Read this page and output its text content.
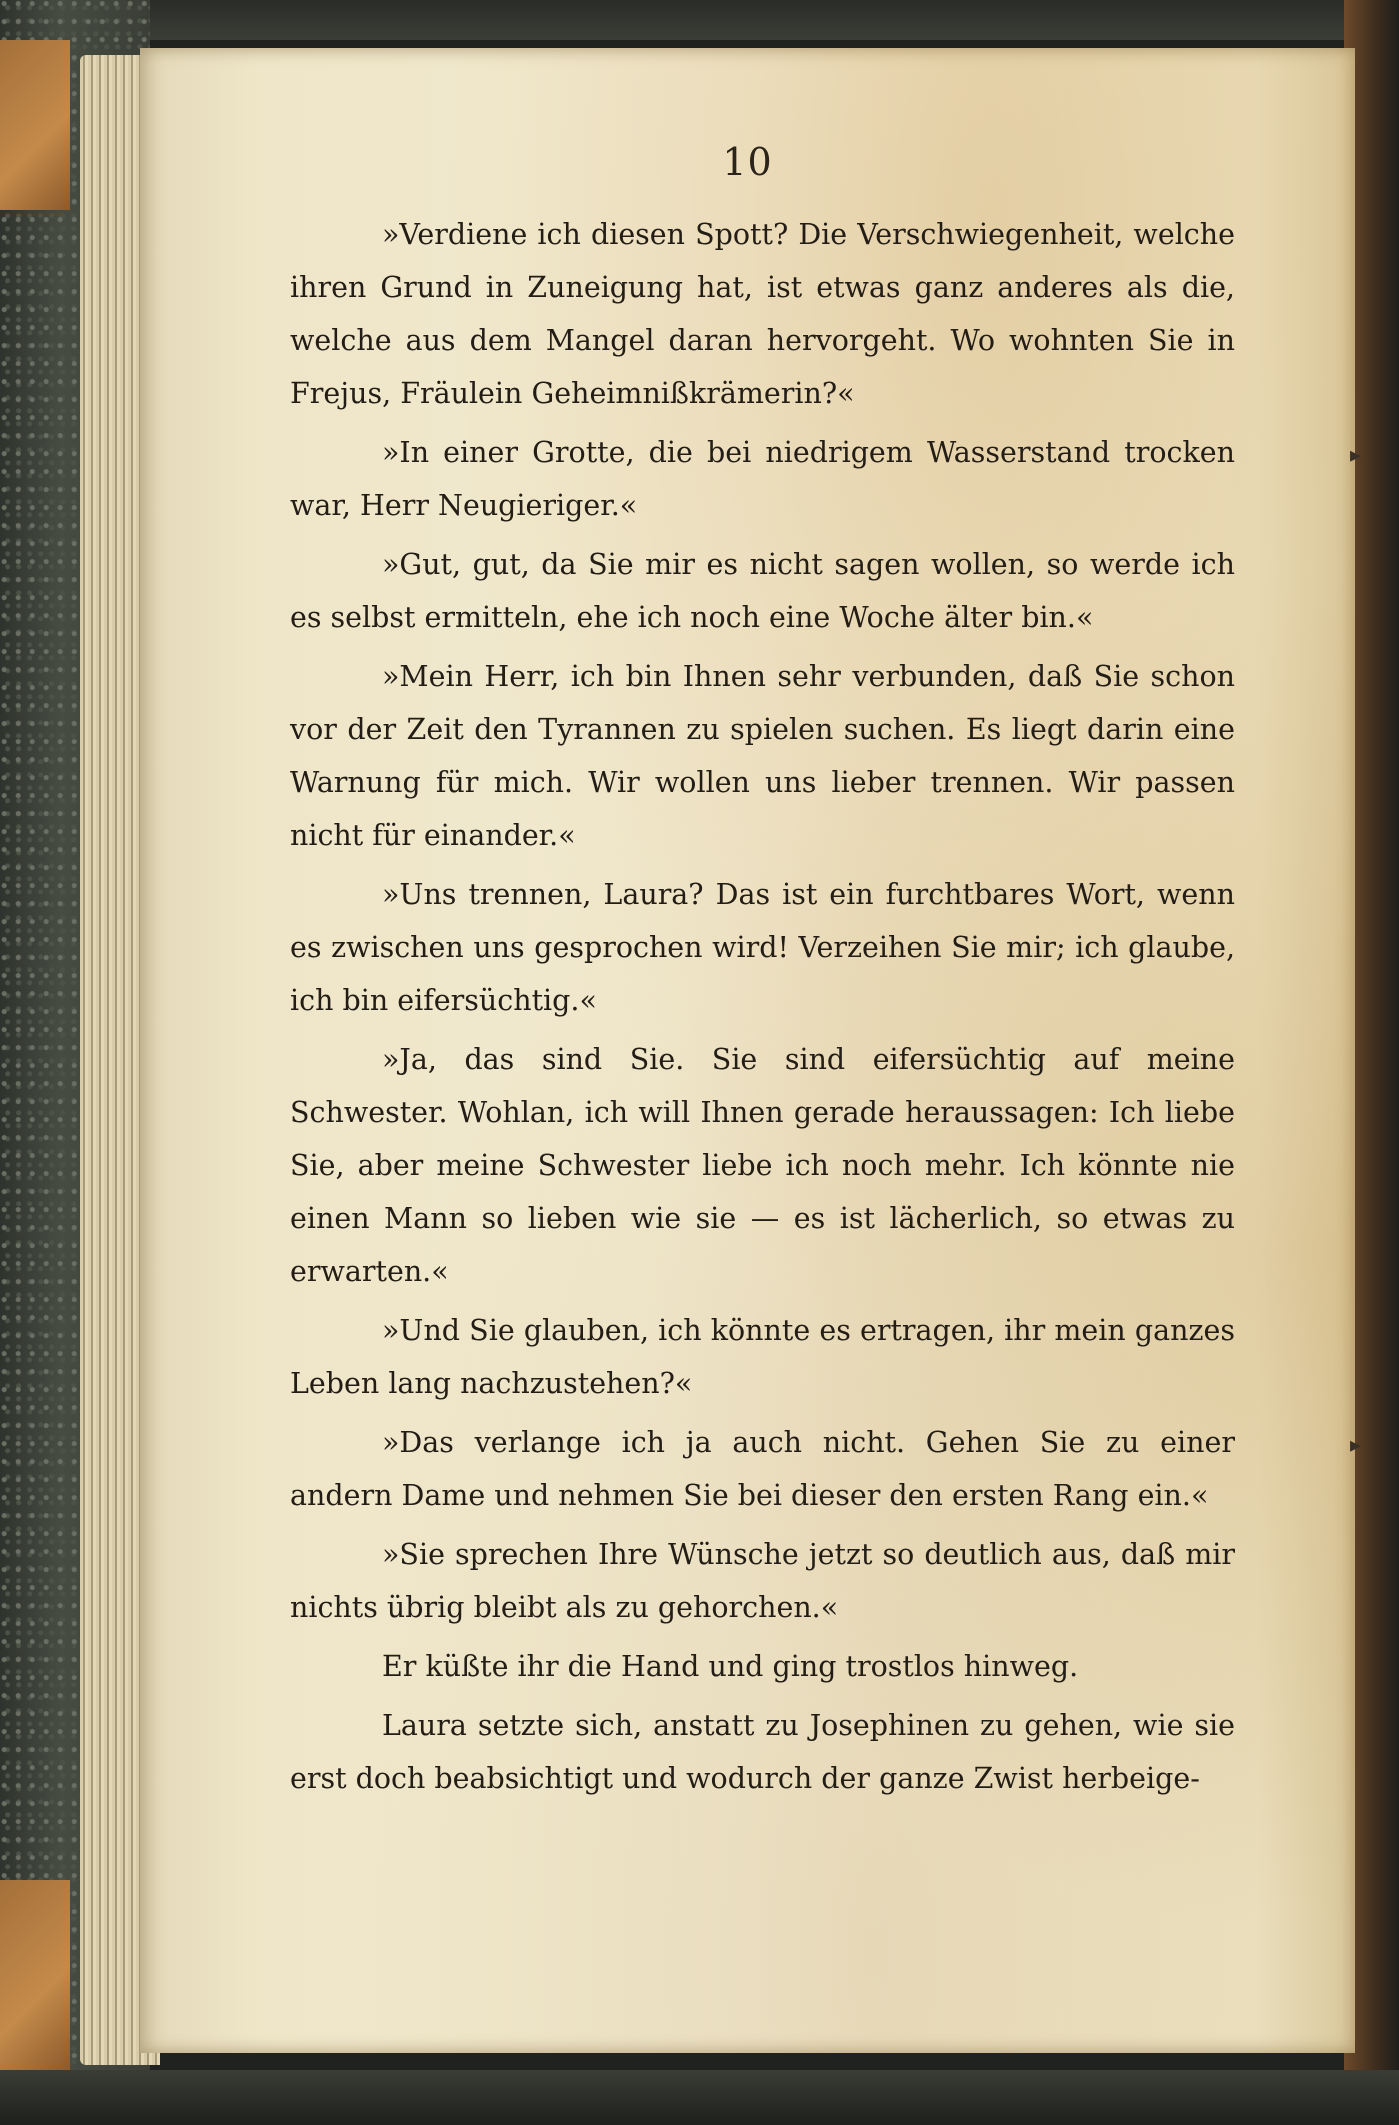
10

»Verdiene ich diesen Spott? Die Verschwiegenheit, welche ihren Grund in Zuneigung hat, ist etwas ganz anderes als die, welche aus dem Mangel daran hervorgeht. Wo wohnten Sie in Frejus, Fräulein Geheimnißkrämerin?«

»In einer Grotte, die bei niedrigem Wasserstand trocken war, Herr Neugieriger.«

»Gut, gut, da Sie mir es nicht sagen wollen, so werde ich es selbst ermitteln, ehe ich noch eine Woche älter bin.«

»Mein Herr, ich bin Ihnen sehr verbunden, daß Sie schon vor der Zeit den Tyrannen zu spielen suchen. Es liegt darin eine Warnung für mich. Wir wollen uns lieber trennen. Wir passen nicht für einander.«

»Uns trennen, Laura? Das ist ein furchtbares Wort, wenn es zwischen uns gesprochen wird! Verzeihen Sie mir; ich glaube, ich bin eifersüchtig.«

»Ja, das sind Sie. Sie sind eifersüchtig auf meine Schwester. Wohlan, ich will Ihnen gerade heraussagen: Ich liebe Sie, aber meine Schwester liebe ich noch mehr. Ich könnte nie einen Mann so lieben wie sie — es ist lächerlich, so etwas zu erwarten.«

»Und Sie glauben, ich könnte es ertragen, ihr mein ganzes Leben lang nachzustehen?«

»Das verlange ich ja auch nicht. Gehen Sie zu einer andern Dame und nehmen Sie bei dieser den ersten Rang ein.«

»Sie sprechen Ihre Wünsche jetzt so deutlich aus, daß mir nichts übrig bleibt als zu gehorchen.«

Er küßte ihr die Hand und ging trostlos hinweg.

Laura setzte sich, anstatt zu Josephinen zu gehen, wie sie erst doch beabsichtigt und wodurch der ganze Zwist herbeige-

▸
▸
